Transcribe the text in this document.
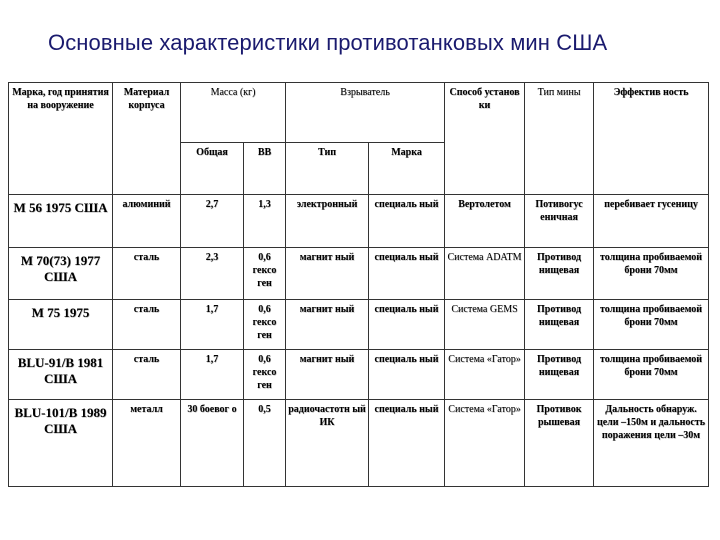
Основные характеристики противотанковых мин США
Марка, год принятия на вооружение	Материал корпуса	Масса (кг)		Взрыватель		Способ установ ки	Тип мины	Эффектив ность
		Общая	ВВ	Тип	Марка			
М 56 1975 США	алюминий	2,7	1,3	электронный	специаль ный	Вертолетом	Потивогус еничная	перебивает гусеницу
М 70(73) 1977 США	сталь	2,3	0,6 гексо ген	магнит ный	специаль ный	Система ADATM	Противод нищевая	толщина пробиваемой брони 70мм
М 75 1975	сталь	1,7	0,6 гексо ген	магнит ный	специаль ный	Система GEMS	Противод нищевая	толщина пробиваемой брони 70мм
BLU-91/B 1981 США	сталь	1,7	0,6 гексо ген	магнит ный	специаль ный	Система «Гатор»	Противод нищевая	толщина пробиваемой брони 70мм
BLU-101/B 1989 США	металл	30 боевог о	0,5	радиочастотн ый ИК	специаль ный	Система «Гатор»	Противок рышевая	Дальность обнаруж. цели –150м и дальность поражения цели –30м
